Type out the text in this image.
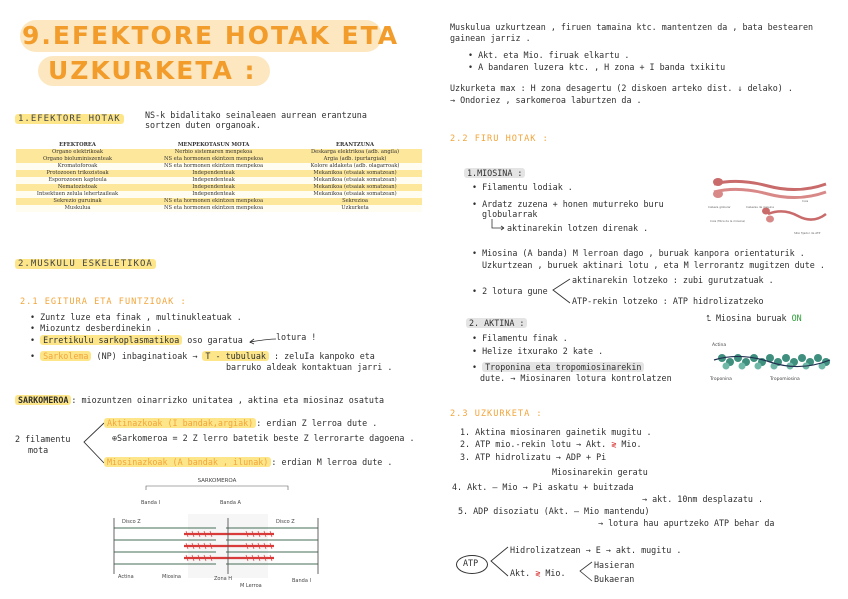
9.EFEKTORE HOTAK ETA
UZKURKETA :
1.EFEKTORE HOTAK	NS-k bidalitako seinaleaen aurrean erantzuna
sortzen duten organoak.
EFEKTOREA	MENPEKOTASUN MOTA	ERANTZUNA
Organo elektrikoak	Nerbio sistemaren menpekoa	Deskarga elektrikoa (adb. angila)
Organo bioluminiszenteak	NS eta hormonen ekintzen menpekoa	Argia (adb. ipurtargiak)
Kromatoforoak	NS eta hormonen ekintzen menpekoa	Kolore aldaketa (adb. olagarroak)
Protozooen trikozistoak	Independenteak	Mekanikoa (etsaiak somatzean)
Esporozooen kaptoula	Independenteak	Mekanikoa (etsaiak somatzean)
Nematozistoak	Independenteak	Mekanikoa (etsaiak somatzean)
Intsektuen zelula lehertzaileak	Independenteak	Mekanikoa (etsaiak somatzean)
Sekrezio guruinak	NS eta hormonen ekintzen menpekoa	Sekrezioa
Muskulua	NS eta hormonen ekintzen menpekoa	Uzkurketa
2.MUSKULU ESKELETIKOA
2.1 EGITURA ETA FUNTZIOAK :
• Zuntz luze eta finak , multinukleatuak .
• Miozuntz desberdinekin .
• Erretikulu sarkoplasmatikoa oso garatua .	lotura !
• Sarkolema (NP) inbaginatioak → T - tubuluak : zeluIa kanpoko eta
barruko aldeak kontaktuan jarri .
SARKOMEROA : miozuntzen oinarrizko unitatea , aktina eta miosinaz osatuta
2 filamentu
mota
Aktinazkoak (I bandak,argiak) : erdian Z lerroa dute .
⊕Sarkomeroa = 2 Z lerro batetik beste Z lerrorarte dagoena .
Miosinazkoak (A bandak , ilunak) : erdian M lerroa dute .
SARKOMEROA
Banda I	Banda A
Disco Z	Disco Z
Actina	Miosina	Zona H
M Lerroa
Banda I
Muskulua uzkurtzean , firuen tamaina ktc. mantentzen da , bata bestearen
gainean jarriz .
• Akt. eta Mio. firuak elkartu .
• A bandaren luzera ktc. , H zona + I banda txikitu
Uzkurketa max : H zona desagertu (2 diskoen arteko dist. ↓ delako) .
→ Ondoriez , sarkomeroa laburtzen da .
2.2 FIRU HOTAK :
1.MIOSINA :
• Filamentu lodiak .
• Ardatz zuzena + honen muturreko buru
globularrak
aktinarekin lotzen direnak .
Cabezas de miosina
Cabeza globular
Cola
Cola (fibra de la miosina)
Sitio fijador de ATP
• Miosina (A banda) M lerroan dago , buruak kanpora orientaturik .
Uzkurtzean , buruek aktinari lotu , eta M lerrorantz mugitzen dute .
• 2 lotura gune
aktinarekin lotzeko : zubi gurutzatuak .
ATP-rekin lotzeko : ATP hidrolizatzeko
⮤ Miosina buruak ON
2. AKTINA :
• Filamentu finak .
• Helize itxurako 2 kate .
• Troponina eta tropomiosinarekin
dute. → Miosinaren lotura kontrolatzen
Actina
Troponina	Tropomiosina
2.3 UZKURKETA :
1. Aktina miosinaren gainetik mugitu .
2. ATP mio.-rekin lotu → Akt. ≷ Mio.
3. ATP hidrolizatu → ADP + Pi
Miosinarekin geratu
4. Akt. — Mio → Pi askatu + buitzada
→ akt. 10nm desplazatu .
5. ADP disoziatu (Akt. — Mio mantendu)
→ lotura hau apurtzeko ATP behar da
ATP
Hidrolizatzean → E → akt. mugitu .
Akt. ≷ Mio.
Hasieran
Bukaeran
